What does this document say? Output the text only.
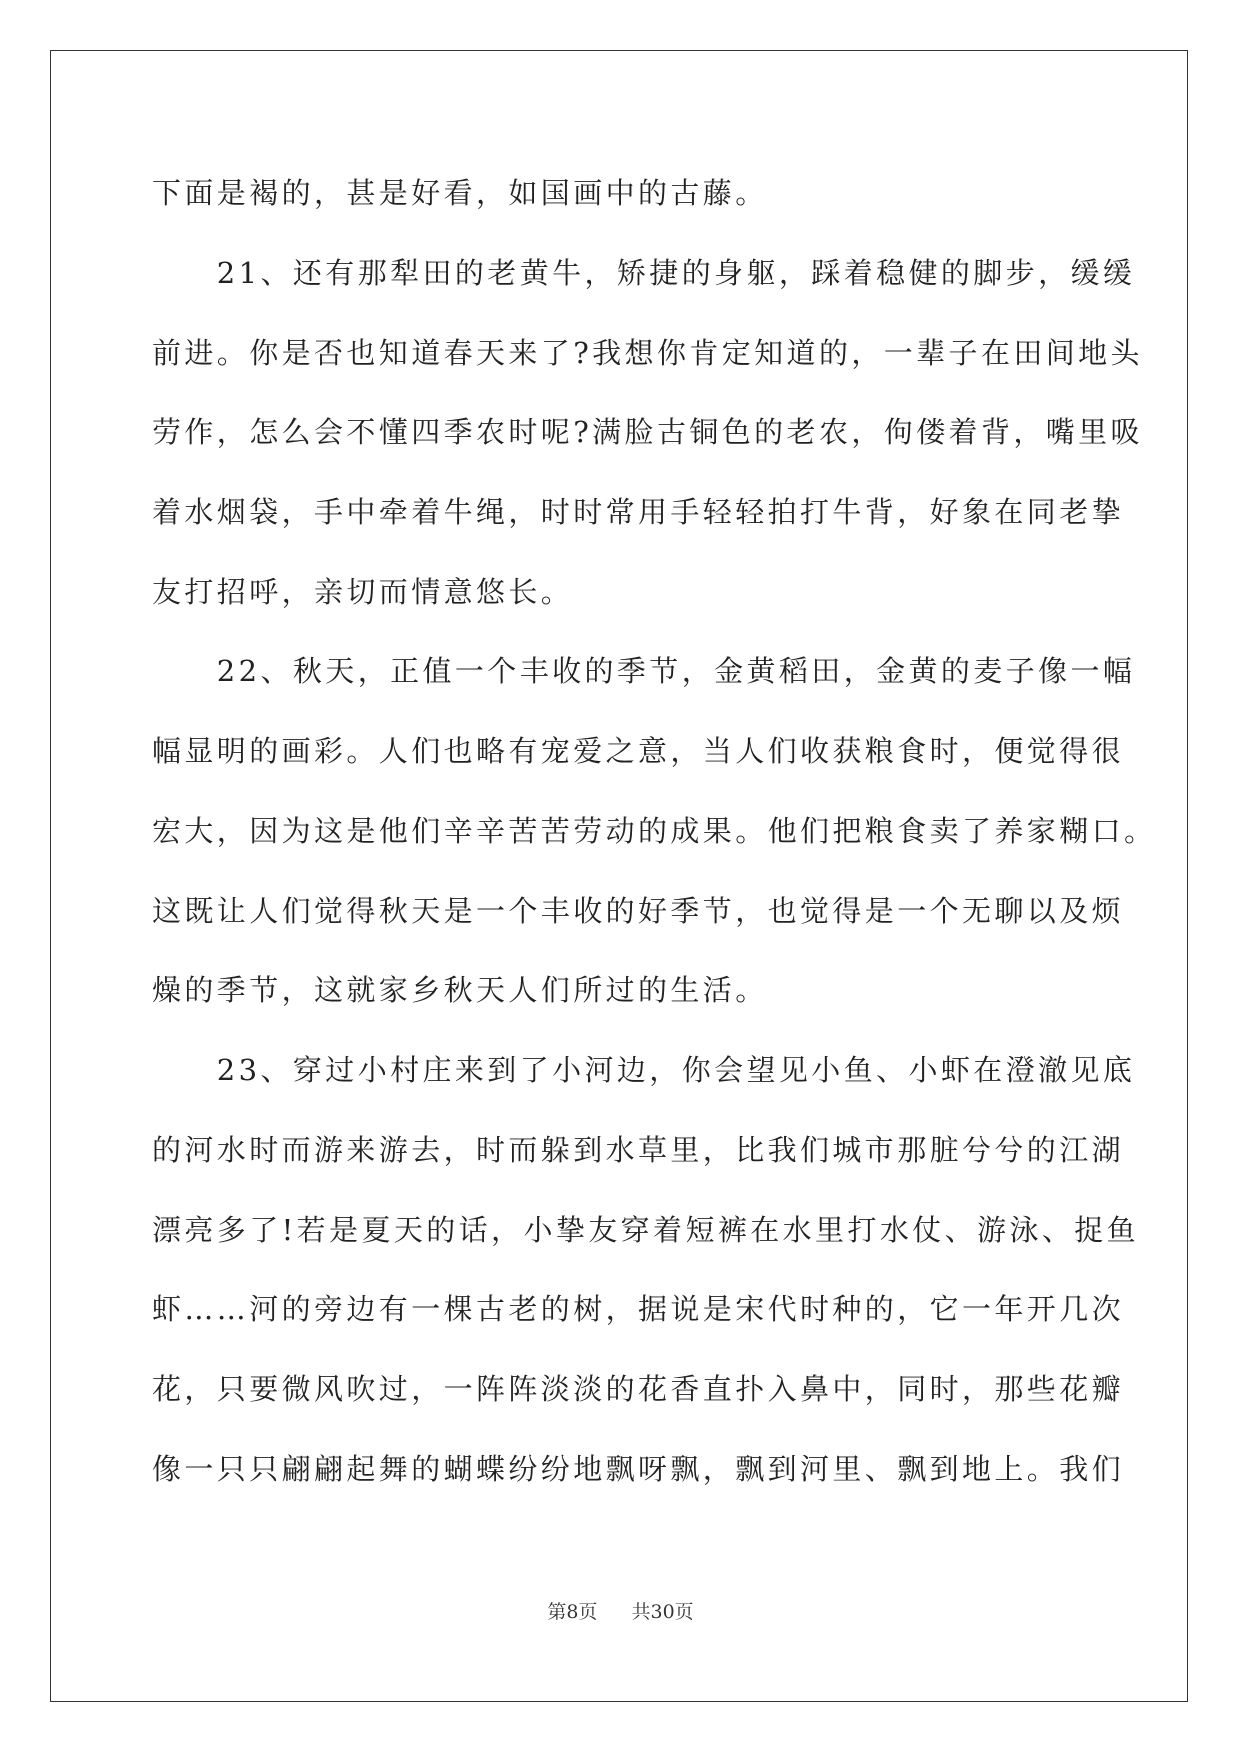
下面是褐的，甚是好看，如国画中的古藤。
　　21、还有那犁田的老黄牛，矫捷的身躯，踩着稳健的脚步，缓缓
前进。你是否也知道春天来了?我想你肯定知道的，一辈子在田间地头
劳作，怎么会不懂四季农时呢?满脸古铜色的老农，佝偻着背，嘴里吸
着水烟袋，手中牵着牛绳，时时常用手轻轻拍打牛背，好象在同老挚
友打招呼，亲切而情意悠长。
　　22、秋天，正值一个丰收的季节，金黄稻田，金黄的麦子像一幅
幅显明的画彩。人们也略有宠爱之意，当人们收获粮食时，便觉得很
宏大，因为这是他们辛辛苦苦劳动的成果。他们把粮食卖了养家糊口。
这既让人们觉得秋天是一个丰收的好季节，也觉得是一个无聊以及烦
燥的季节，这就家乡秋天人们所过的生活。
　　23、穿过小村庄来到了小河边，你会望见小鱼、小虾在澄澈见底
的河水时而游来游去，时而躲到水草里，比我们城市那脏兮兮的江湖
漂亮多了!若是夏天的话，小挚友穿着短裤在水里打水仗、游泳、捉鱼
虾……河的旁边有一棵古老的树，据说是宋代时种的，它一年开几次
花，只要微风吹过，一阵阵淡淡的花香直扑入鼻中，同时，那些花瓣
像一只只翩翩起舞的蝴蝶纷纷地飘呀飘，飘到河里、飘到地上。我们
第8页 共30页
